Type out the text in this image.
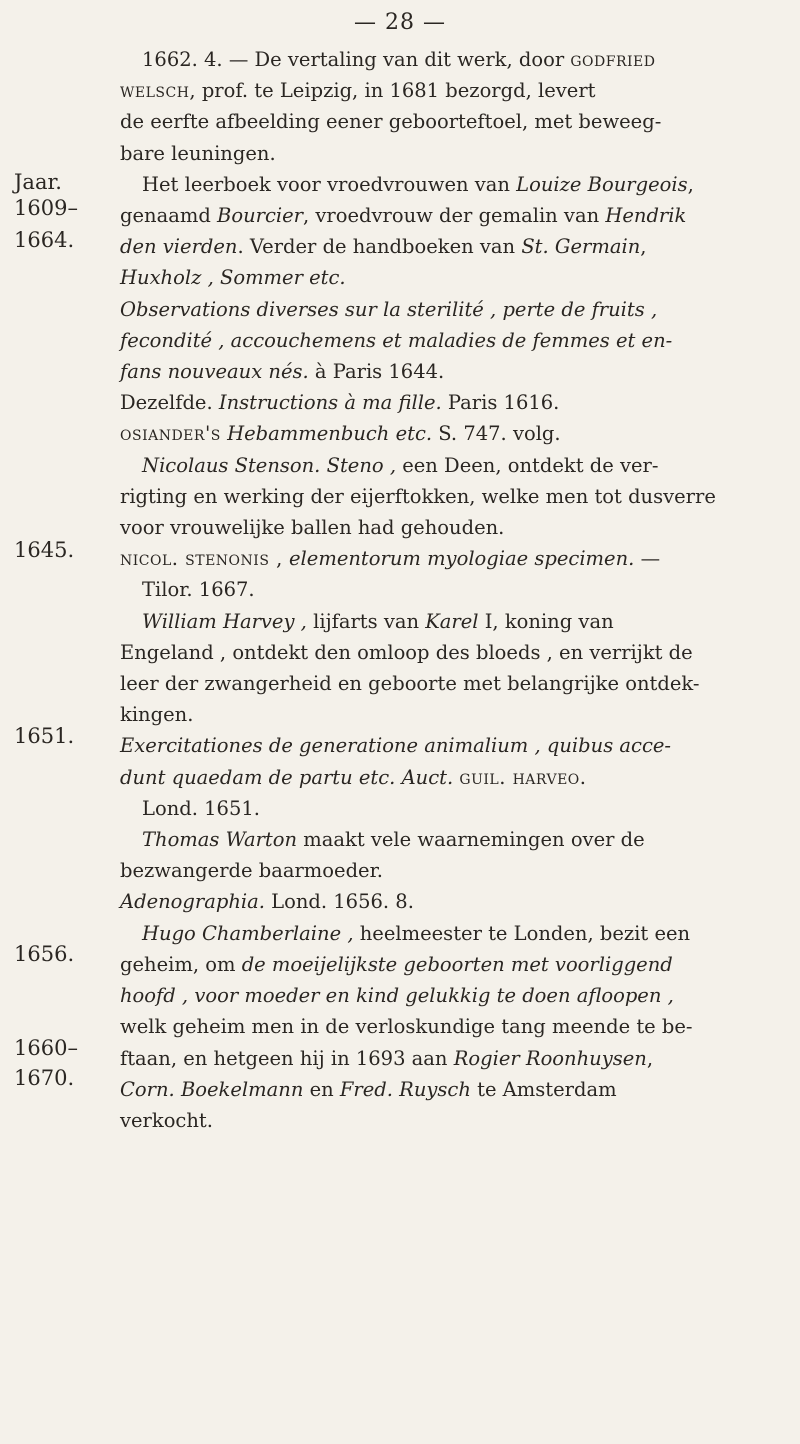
— 28 —
Jaar.
1609–
1664.
1645.
1651.
1656.
1660–
1670.
1662. 4. — De vertaling van dit werk, door godfried
welsch, prof. te Leipzig, in 1681 bezorgd, levert
de eerfte afbeelding eener geboorteftoel, met beweeg-
bare leuningen.
Het leerboek voor vroedvrouwen van Louize Bourgeois,
genaamd Bourcier, vroedvrouw der gemalin van Hendrik
den vierden. Verder de handboeken van St. Germain,
Huxholz , Sommer etc.
Observations diverses sur la sterilité , perte de fruits ,
fecondité , accouchemens et maladies de femmes et en-
fans nouveaux nés. à Paris 1644.
Dezelfde. Instructions à ma fille. Paris 1616.
osiander's Hebammenbuch etc. S. 747. volg.
Nicolaus Stenson. Steno , een Deen, ontdekt de ver-
rigting en werking der eijerftokken, welke men tot dusverre
voor vrouwelijke ballen had gehouden.
nicol. stenonis , elementorum myologiae specimen. —
Tilor. 1667.
William Harvey , lijfarts van Karel I, koning van
Engeland , ontdekt den omloop des bloeds , en verrijkt de
leer der zwangerheid en geboorte met belangrijke ontdek-
kingen.
Exercitationes de generatione animalium , quibus acce-
dunt quaedam de partu etc. Auct. guil. harveo.
Lond. 1651.
Thomas Warton maakt vele waarnemingen over de
bezwangerde baarmoeder.
Adenographia. Lond. 1656. 8.
Hugo Chamberlaine , heelmeester te Londen, bezit een
geheim, om de moeijelijkste geboorten met voorliggend
hoofd , voor moeder en kind gelukkig te doen afloopen ,
welk geheim men in de verloskundige tang meende te be-
ftaan, en hetgeen hij in 1693 aan Rogier Roonhuysen,
Corn. Boekelmann en Fred. Ruysch te Amsterdam
verkocht.
